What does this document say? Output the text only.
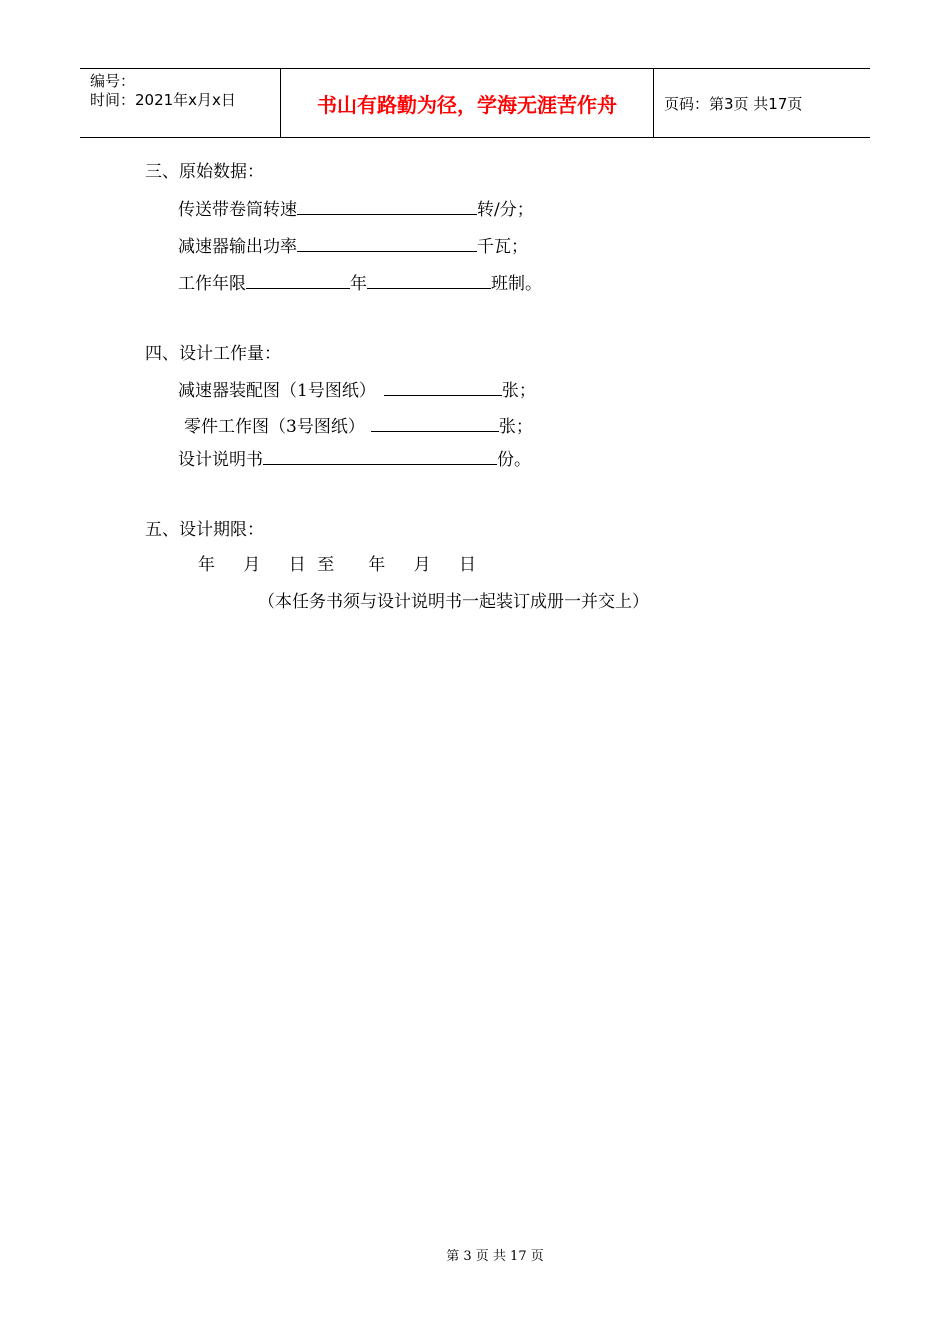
编号：
时间：2021年x月x日	书山有路勤为径，学海无涯苦作舟	页码：第3页 共17页
三、原始数据：
传送带卷筒转速	转/分；
减速器输出功率	千瓦；
工作年限	年	班制。
四、设计工作量：
减速器装配图（1号图纸）	张；
零件工作图（3号图纸）	张；
设计说明书	份。
五、设计期限：
年　 月　 日 至　　年　 月　 日
（本任务书须与设计说明书一起装订成册一并交上）
第 3 页 共 17 页
